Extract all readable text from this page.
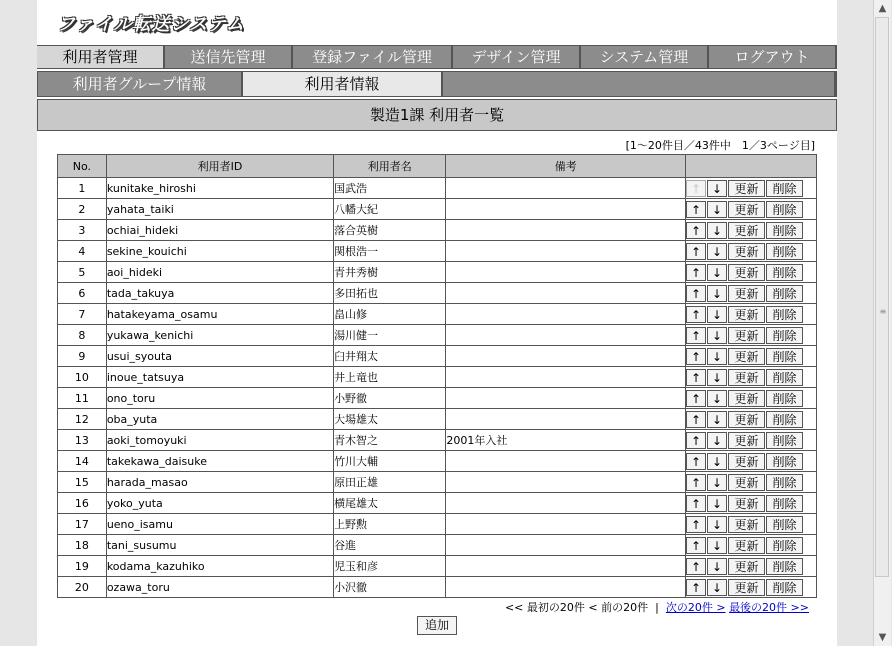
ファイル転送システム
利用者管理	送信先管理	登録ファイル管理	デザイン管理	システム管理	ログアウト
利用者グループ情報	利用者情報
製造1課 利用者一覧
[1～20件目／43件中　1／3ページ目]
No.	利用者ID	利用者名	備考	
1	kunitake_hiroshi	国武浩		↑ ↓ 更新 削除
2	yahata_taiki	八幡大紀		↑ ↓ 更新 削除
3	ochiai_hideki	落合英樹		↑ ↓ 更新 削除
4	sekine_kouichi	関根浩一		↑ ↓ 更新 削除
5	aoi_hideki	青井秀樹		↑ ↓ 更新 削除
6	tada_takuya	多田拓也		↑ ↓ 更新 削除
7	hatakeyama_osamu	畠山修		↑ ↓ 更新 削除
8	yukawa_kenichi	湯川健一		↑ ↓ 更新 削除
9	usui_syouta	臼井翔太		↑ ↓ 更新 削除
10	inoue_tatsuya	井上竜也		↑ ↓ 更新 削除
11	ono_toru	小野徹		↑ ↓ 更新 削除
12	oba_yuta	大場雄太		↑ ↓ 更新 削除
13	aoki_tomoyuki	青木智之	2001年入社	↑ ↓ 更新 削除
14	takekawa_daisuke	竹川大輔		↑ ↓ 更新 削除
15	harada_masao	原田正雄		↑ ↓ 更新 削除
16	yoko_yuta	横尾雄太		↑ ↓ 更新 削除
17	ueno_isamu	上野勲		↑ ↓ 更新 削除
18	tani_susumu	谷進		↑ ↓ 更新 削除
19	kodama_kazuhiko	児玉和彦		↑ ↓ 更新 削除
20	ozawa_toru	小沢徹		↑ ↓ 更新 削除
<< 最初の20件 < 前の20件 | 次の20件 > 最後の20件 >>
追加
▲
≡
▼
